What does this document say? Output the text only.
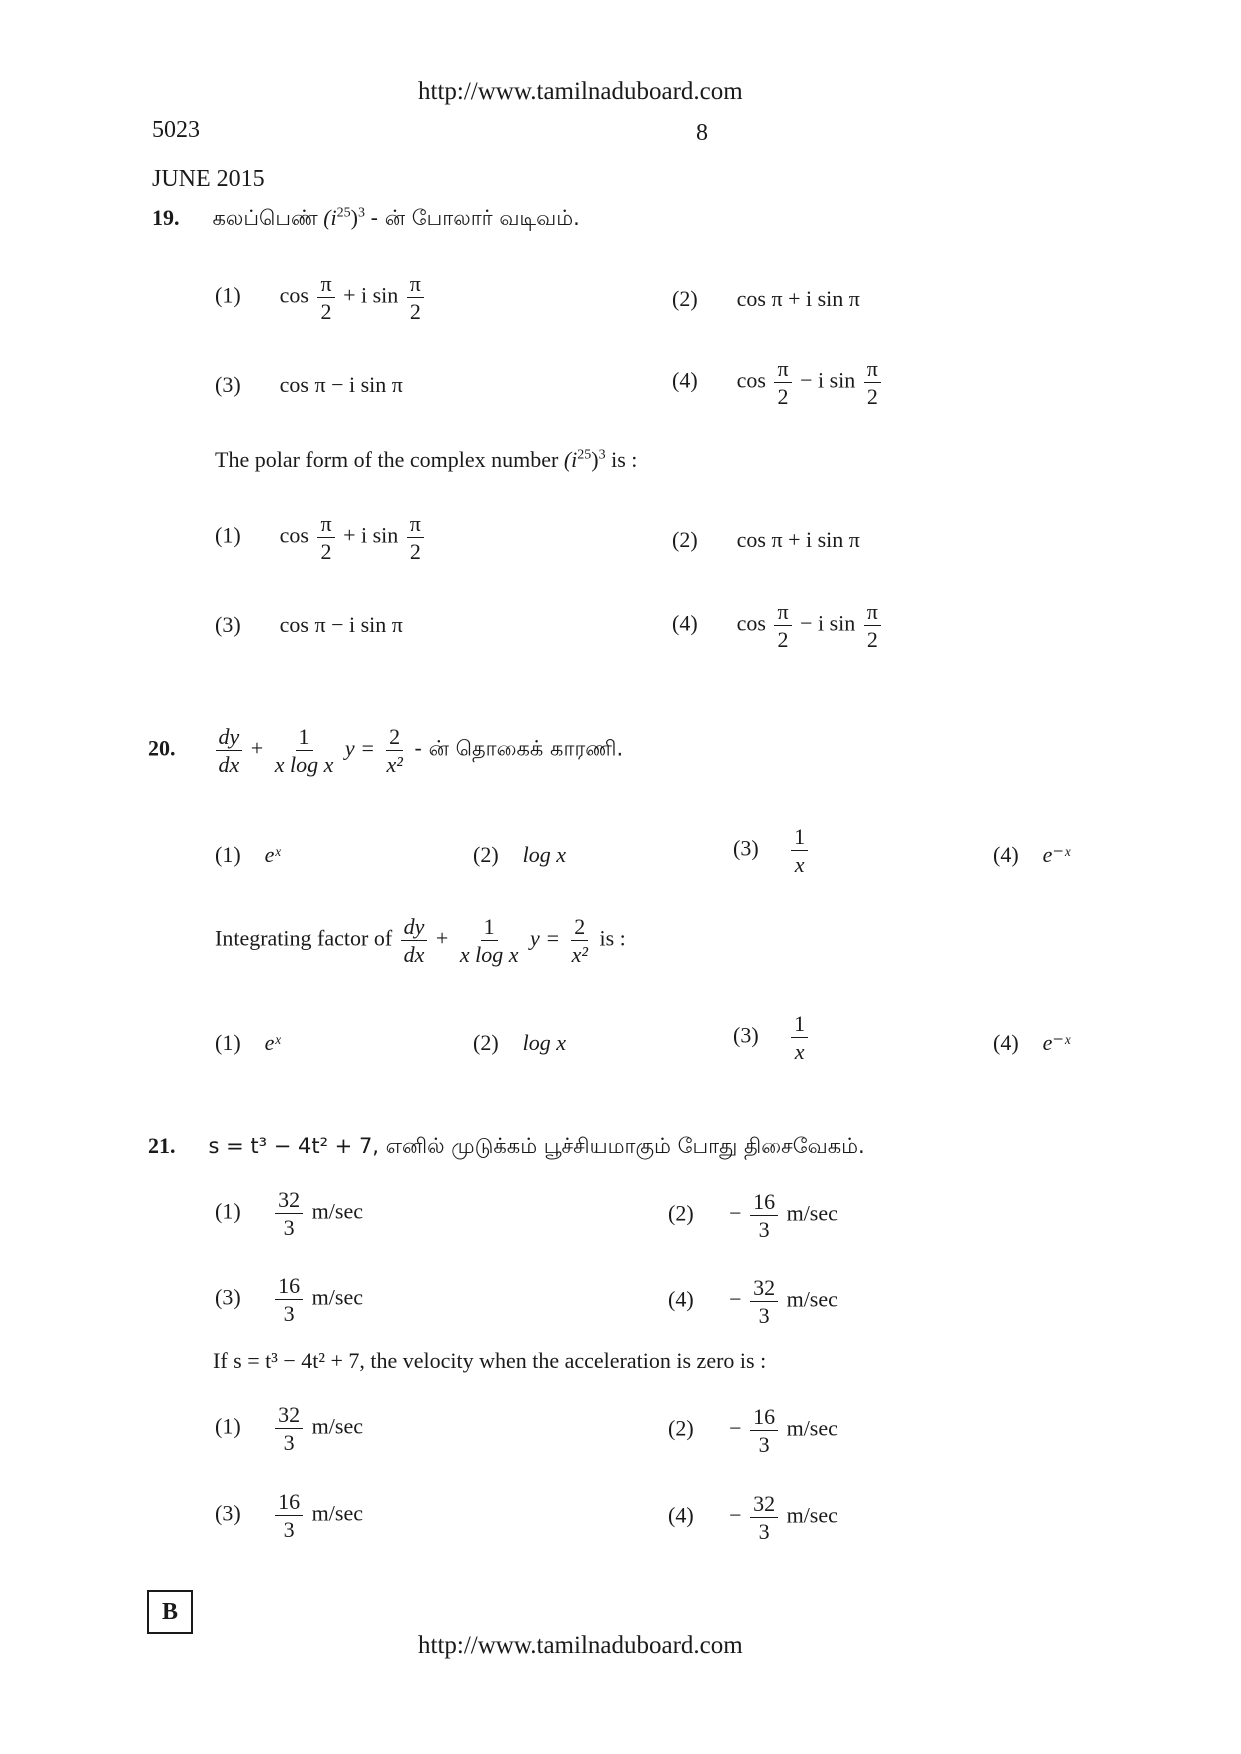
http://www.tamilnaduboard.com
5023	8
JUNE 2015
19. கலப்பெண் $(i^{25})^3$ - ன் போலார் வடிவம்.
(1) $\cos \frac{\pi}{2} + i$ $\sin \frac{\pi}{2}$	(2) cos π + i sin π
(3) cos π − i sin π	(4) $\cos \frac{\pi}{2} - i$ $\sin \frac{\pi}{2}$
The polar form of the complex number $(i^{25})^3$ is :
(1) $\cos \frac{\pi}{2} + i$ $\sin \frac{\pi}{2}$	(2) cos π + i sin π
(3) cos π − i sin π	(4) $\cos \frac{\pi}{2} - i$ $\sin \frac{\pi}{2}$
20. $\frac{dy}{dx} + \frac{1}{\text{x log x}}$ $y = \frac{2}{\text{x²}}$ - ன் தொகைக் காரணி.
(1) eˣ	(2) log x	$(3) \frac{1}{x}$	(4) e⁻ˣ
Integrating factor of $\frac{dy}{dx} + \frac{1}{\text{x log x}}$ $y = \frac{2}{\text{x²}}$ is :
(1) eˣ	(2) log x	$(3) \frac{1}{x}$	(4) e⁻ˣ
21. s = t³ − 4t² + 7, எனில் முடுக்கம் பூச்சியமாகும் போது திசைவேகம்.
$(1) \frac{32}{3} m/\sec$	$(2) - \frac{16}{3} m/\sec$
$(3) \frac{16}{3} m/\sec$	$(4) - \frac{32}{3} m/\sec$
If s = t³ − 4t² + 7, the velocity when the acceleration is zero is :
$(1) \frac{32}{3} m/\sec$	$(2) - \frac{16}{3} m/\sec$
$(3) \frac{16}{3} m/\sec$	$(4) - \frac{32}{3} m/\sec$
B
http://www.tamilnaduboard.com
